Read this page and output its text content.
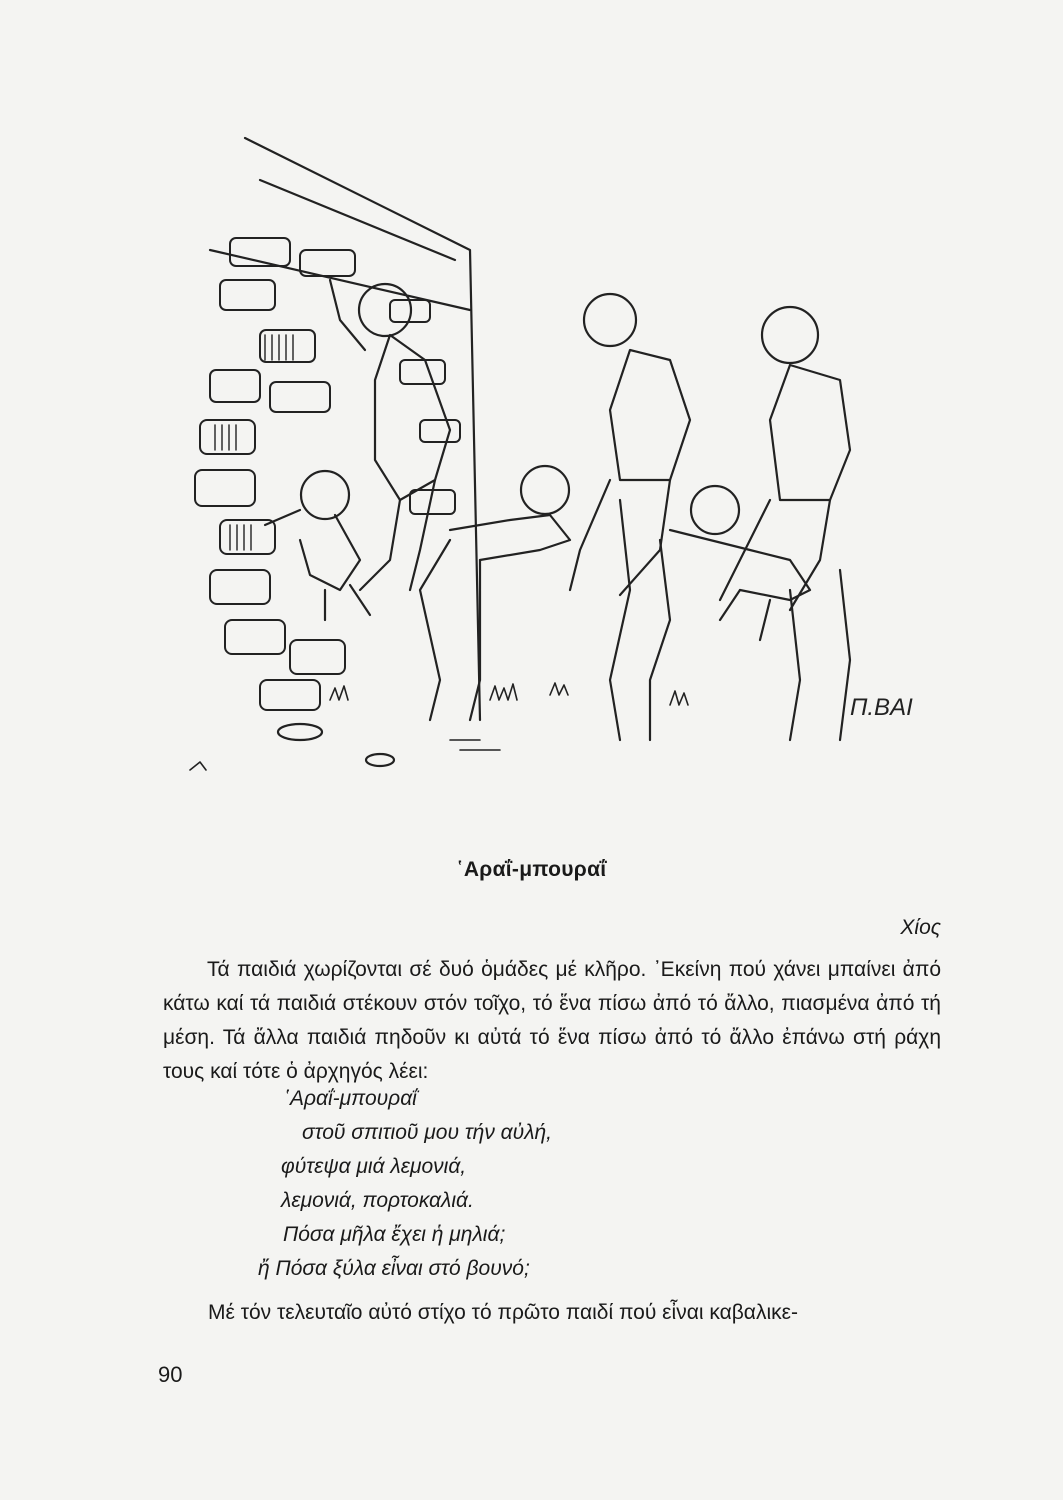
Π.ΒΑΙ
῾Αραΐ-μπουραΐ
Χίος

Τά παιδιά χωρίζονται σέ δυό ὁμάδες μέ κλῆρο. ᾿Εκείνη πού χάνει μπαίνει ἀπό κάτω καί τά παιδιά στέκουν στόν τοῖχο, τό ἕνα πίσω ἀπό τό ἄλλο, πιασμένα ἀπό τή μέση. Τά ἄλλα παιδιά πηδοῦν κι αὐτά τό ἕνα πίσω ἀπό τό ἄλλο ἐπάνω στή ράχη τους καί τότε ὁ ἀρχηγός λέει:

῾Αραΐ-μπουραΐ
στοῦ σπιτιοῦ μου τήν αὐλή,
φύτεψα μιά λεμονιά,
λεμονιά, πορτοκαλιά.
Πόσα μῆλα ἔχει ἡ μηλιά;
ἤ Πόσα ξύλα εἶναι στό βουνό;
Μέ τόν τελευταῖο αὐτό στίχο τό πρῶτο παιδί πού εἶναι καβαλικε-
90
